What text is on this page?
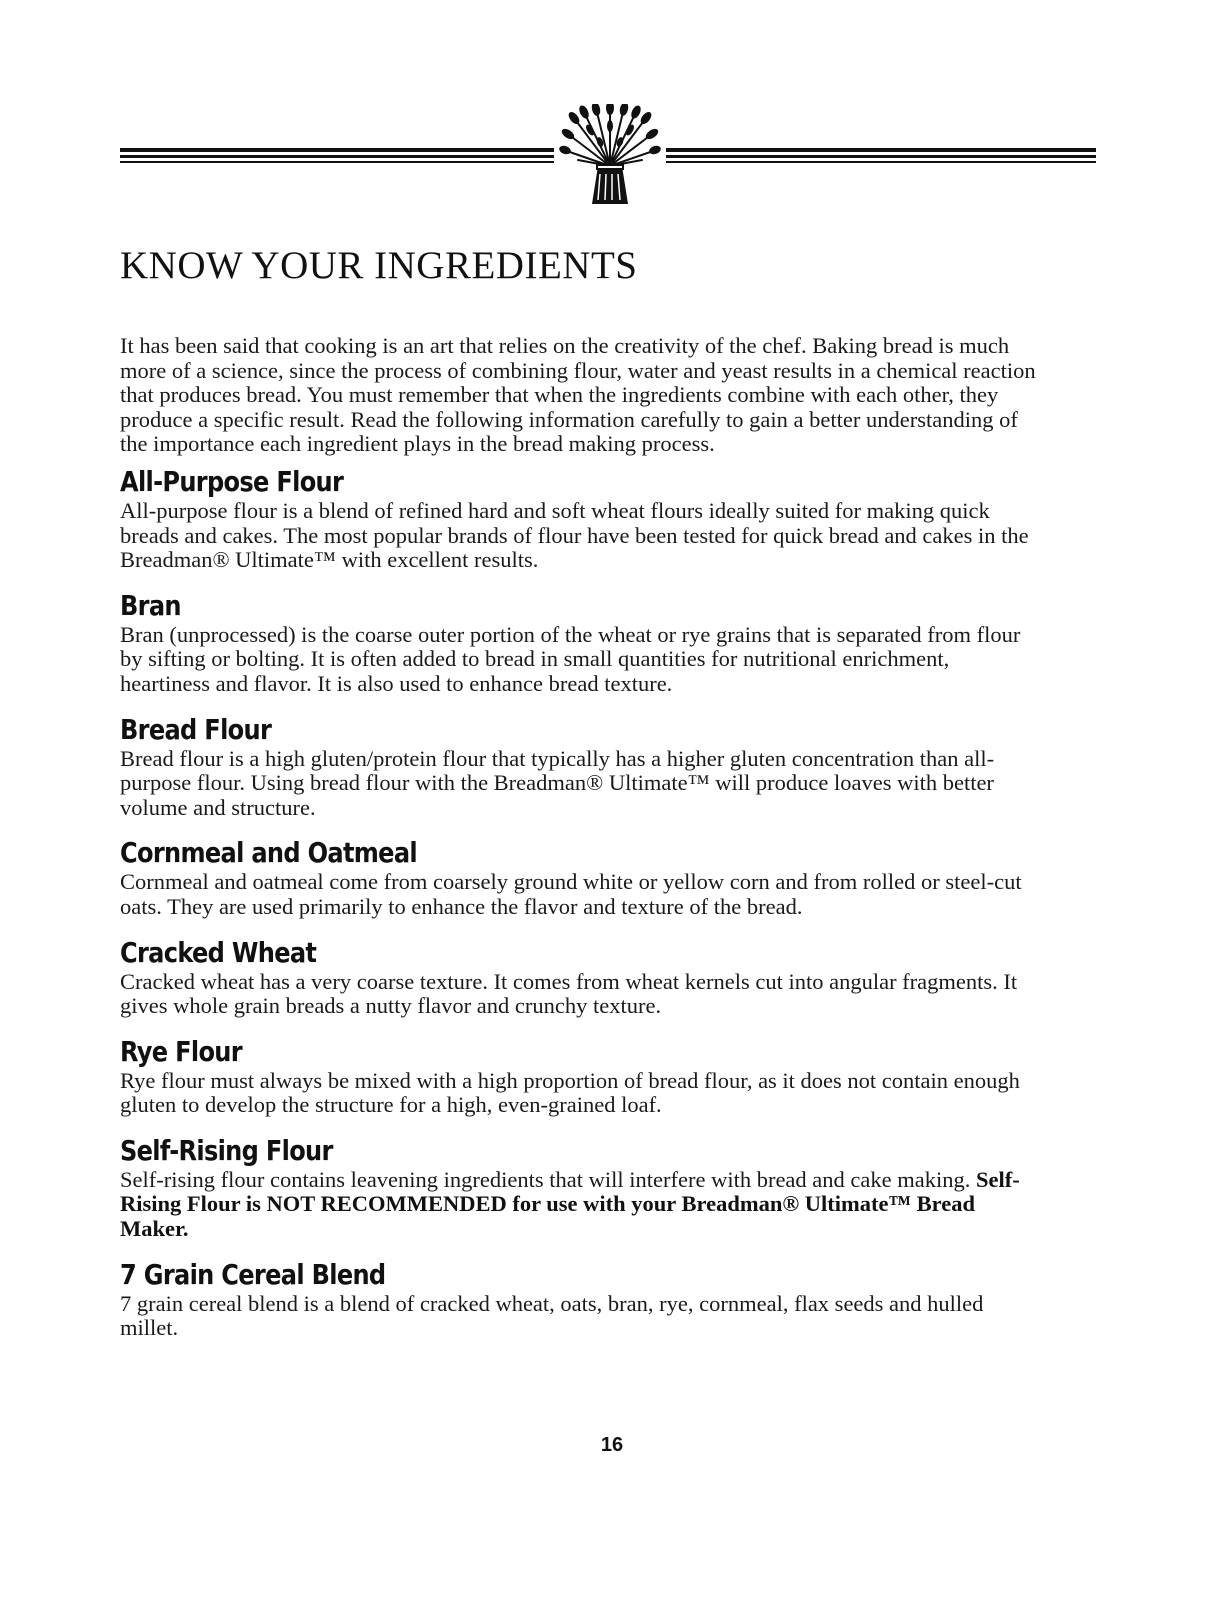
KNOW YOUR INGREDIENTS

It has been said that cooking is an art that relies on the creativity of the chef. Baking bread is much more of a science, since the process of combining flour, water and yeast results in a chemical reaction that produces bread. You must remember that when the ingredients combine with each other, they produce a specific result. Read the following information carefully to gain a better understanding of the importance each ingredient plays in the bread making process.

All-Purpose Flour

All-purpose flour is a blend of refined hard and soft wheat flours ideally suited for making quick breads and cakes. The most popular brands of flour have been tested for quick bread and cakes in the Breadman® Ultimate™ with excellent results.

Bran

Bran (unprocessed) is the coarse outer portion of the wheat or rye grains that is separated from flour by sifting or bolting. It is often added to bread in small quantities for nutritional enrichment, heartiness and flavor. It is also used to enhance bread texture.

Bread Flour

Bread flour is a high gluten/protein flour that typically has a higher gluten concentration than all-purpose flour. Using bread flour with the Breadman® Ultimate™ will produce loaves with better volume and structure.

Cornmeal and Oatmeal

Cornmeal and oatmeal come from coarsely ground white or yellow corn and from rolled or steel-cut oats. They are used primarily to enhance the flavor and texture of the bread.

Cracked Wheat

Cracked wheat has a very coarse texture. It comes from wheat kernels cut into angular fragments. It gives whole grain breads a nutty flavor and crunchy texture.

Rye Flour

Rye flour must always be mixed with a high proportion of bread flour, as it does not contain enough gluten to develop the structure for a high, even-grained loaf.

Self-Rising Flour

Self-rising flour contains leavening ingredients that will interfere with bread and cake making. Self-Rising Flour is NOT RECOMMENDED for use with your Breadman® Ultimate™ Bread Maker.

7 Grain Cereal Blend

7 grain cereal blend is a blend of cracked wheat, oats, bran, rye, cornmeal, flax seeds and hulled millet.

16
